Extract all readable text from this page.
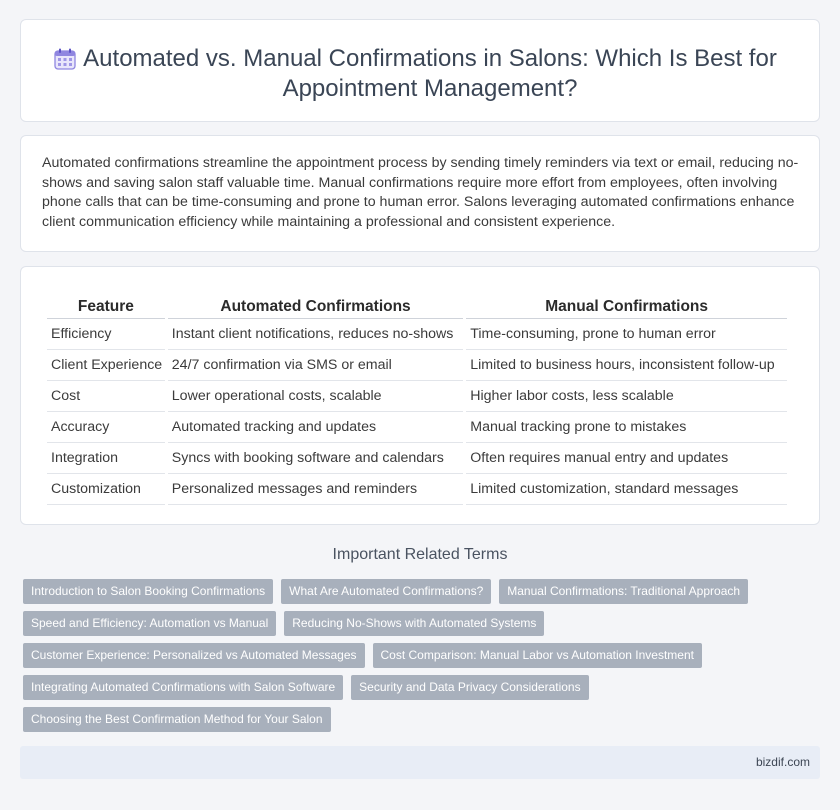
Automated vs. Manual Confirmations in Salons: Which Is Best for Appointment Management?

Automated confirmations streamline the appointment process by sending timely reminders via text or email, reducing no-shows and saving salon staff valuable time. Manual confirmations require more effort from employees, often involving phone calls that can be time-consuming and prone to human error. Salons leveraging automated confirmations enhance client communication efficiency while maintaining a professional and consistent experience.

Feature	Automated Confirmations	Manual Confirmations
Efficiency	Instant client notifications, reduces no-shows	Time-consuming, prone to human error
Client Experience	24/7 confirmation via SMS or email	Limited to business hours, inconsistent follow-up
Cost	Lower operational costs, scalable	Higher labor costs, less scalable
Accuracy	Automated tracking and updates	Manual tracking prone to mistakes
Integration	Syncs with booking software and calendars	Often requires manual entry and updates
Customization	Personalized messages and reminders	Limited customization, standard messages
Important Related Terms
Introduction to Salon Booking Confirmations	What Are Automated Confirmations?	Manual Confirmations: Traditional Approach
Speed and Efficiency: Automation vs Manual	Reducing No-Shows with Automated Systems
Customer Experience: Personalized vs Automated Messages	Cost Comparison: Manual Labor vs Automation Investment
Integrating Automated Confirmations with Salon Software	Security and Data Privacy Considerations
Choosing the Best Confirmation Method for Your Salon
bizdif.com
